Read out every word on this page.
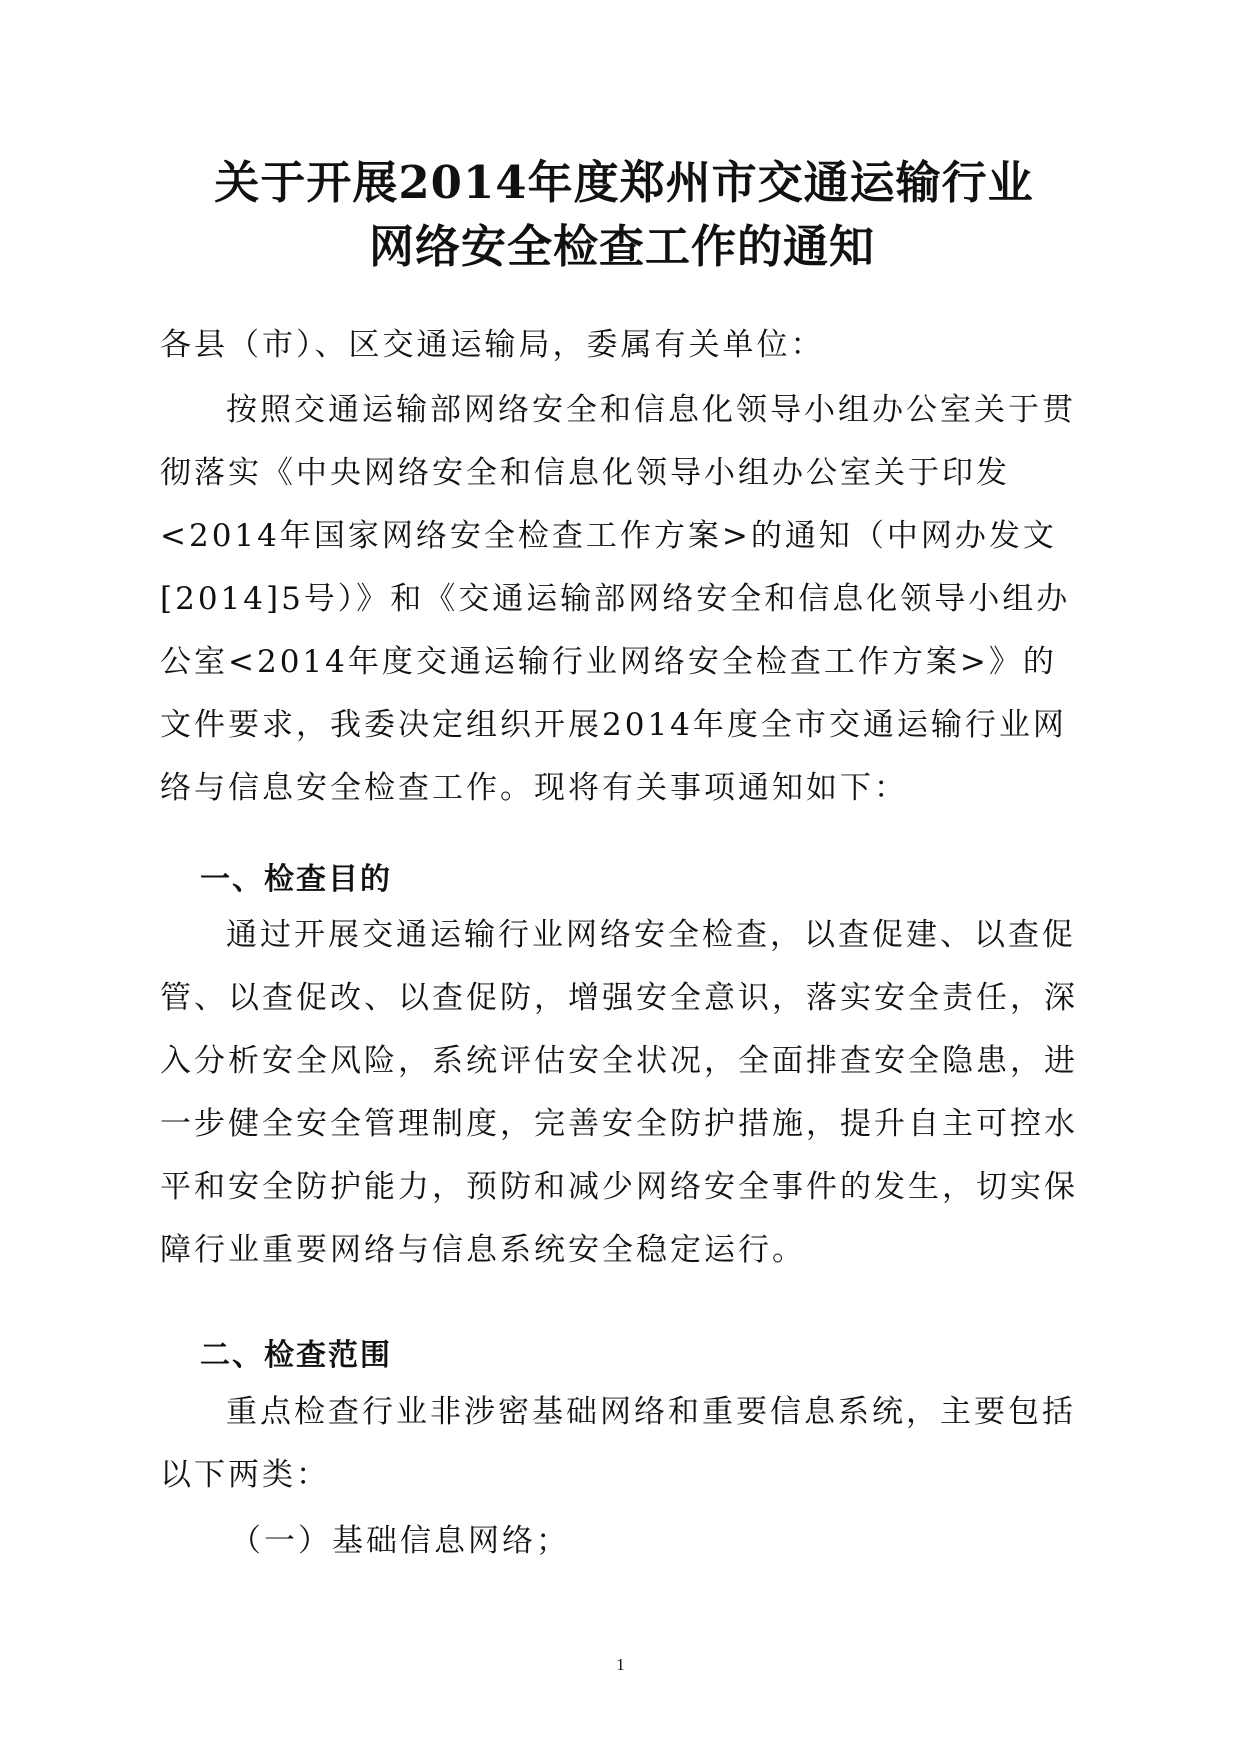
关于开展2014年度郑州市交通运输行业
网络安全检查工作的通知
各县（市）、区交通运输局，委属有关单位：
按照交通运输部网络安全和信息化领导小组办公室关于贯彻落实《中央网络安全和信息化领导小组办公室关于印发<2014年国家网络安全检查工作方案>的通知（中网办发文[2014]5号）》和《交通运输部网络安全和信息化领导小组办公室<2014年度交通运输行业网络安全检查工作方案>》的文件要求，我委决定组织开展2014年度全市交通运输行业网络与信息安全检查工作。现将有关事项通知如下：
一、检查目的
通过开展交通运输行业网络安全检查，以查促建、以查促管、以查促改、以查促防，增强安全意识，落实安全责任，深入分析安全风险，系统评估安全状况，全面排查安全隐患，进一步健全安全管理制度，完善安全防护措施，提升自主可控水平和安全防护能力，预防和减少网络安全事件的发生，切实保障行业重要网络与信息系统安全稳定运行。
二、检查范围
重点检查行业非涉密基础网络和重要信息系统，主要包括以下两类：
（一）基础信息网络；
1
